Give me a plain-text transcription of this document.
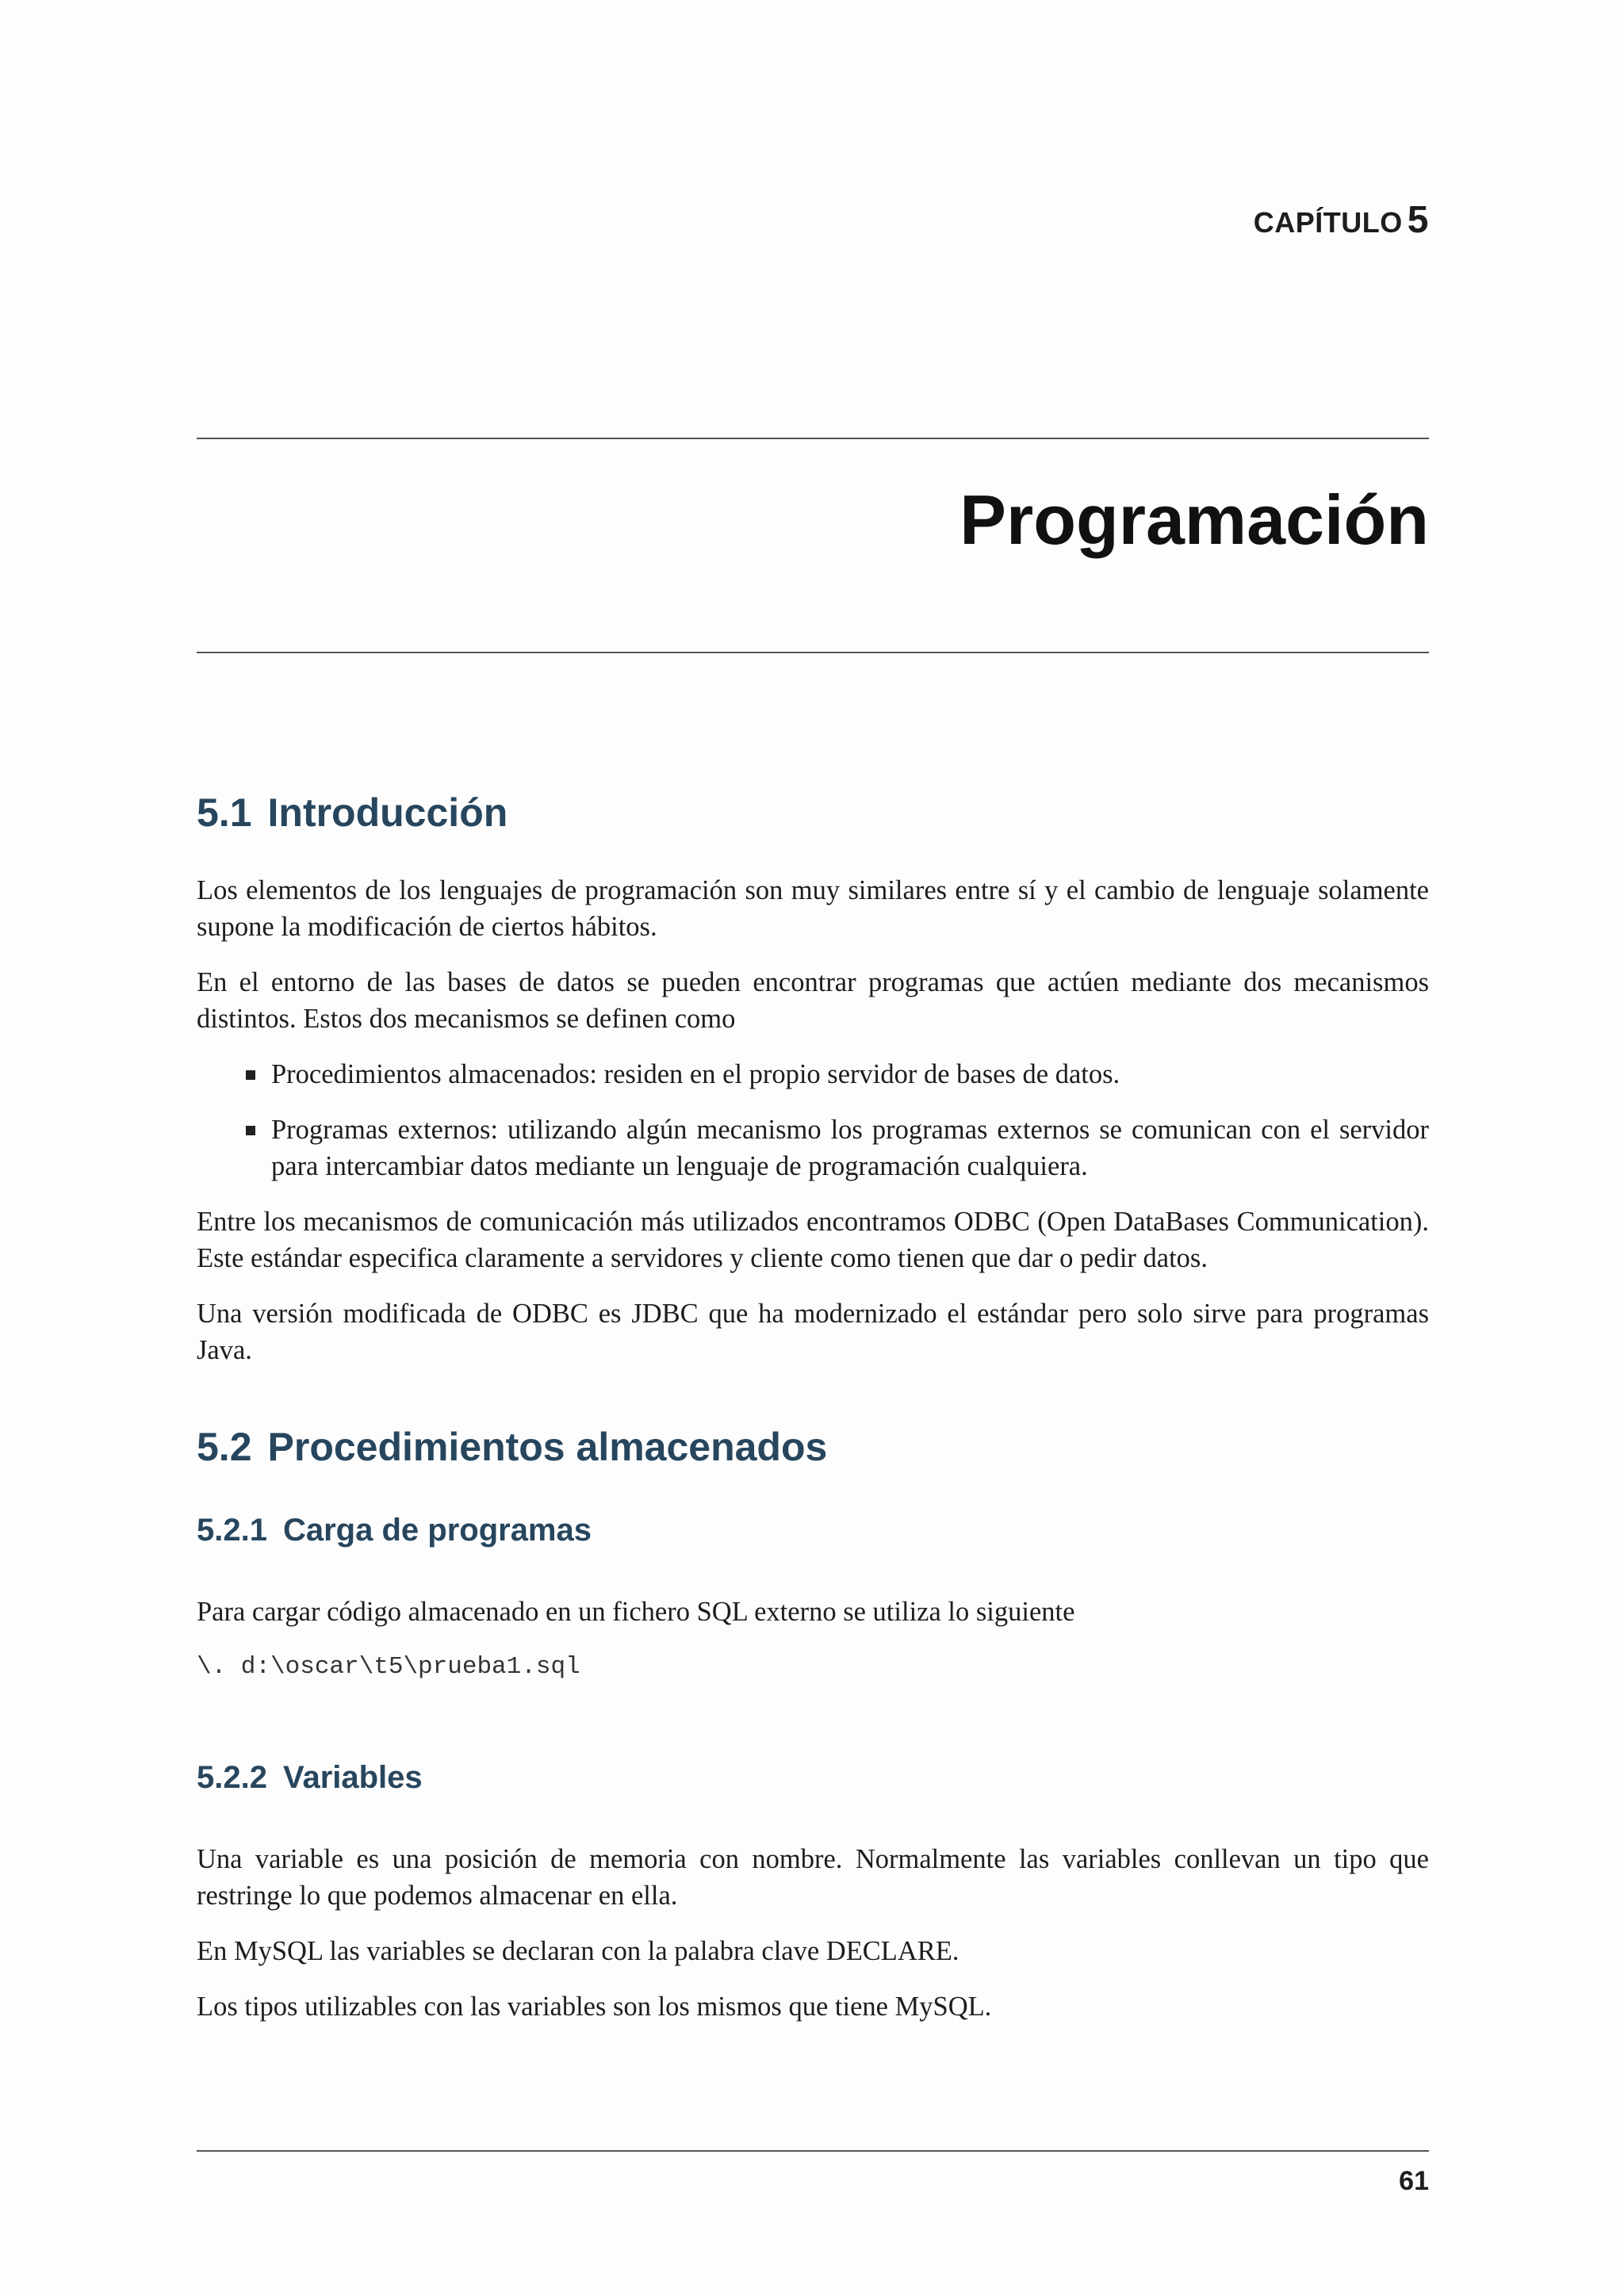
CAPÍTULO 5
Programación
5.1 Introducción

Los elementos de los lenguajes de programación son muy similares entre sí y el cambio de lenguaje solamente supone la modificación de ciertos hábitos.

En el entorno de las bases de datos se pueden encontrar programas que actúen mediante dos mecanismos distintos. Estos dos mecanismos se definen como

Procedimientos almacenados: residen en el propio servidor de bases de datos.
Programas externos: utilizando algún mecanismo los programas externos se comunican con el servidor para intercambiar datos mediante un lenguaje de programación cualquiera.

Entre los mecanismos de comunicación más utilizados encontramos ODBC (Open DataBases Communication). Este estándar especifica claramente a servidores y cliente como tienen que dar o pedir datos.

Una versión modificada de ODBC es JDBC que ha modernizado el estándar pero solo sirve para programas Java.

5.2 Procedimientos almacenados
5.2.1 Carga de programas

Para cargar código almacenado en un fichero SQL externo se utiliza lo siguiente

\. d:\oscar\t5\prueba1.sql
5.2.2 Variables

Una variable es una posición de memoria con nombre. Normalmente las variables conllevan un tipo que restringe lo que podemos almacenar en ella.

En MySQL las variables se declaran con la palabra clave DECLARE.

Los tipos utilizables con las variables son los mismos que tiene MySQL.

61
